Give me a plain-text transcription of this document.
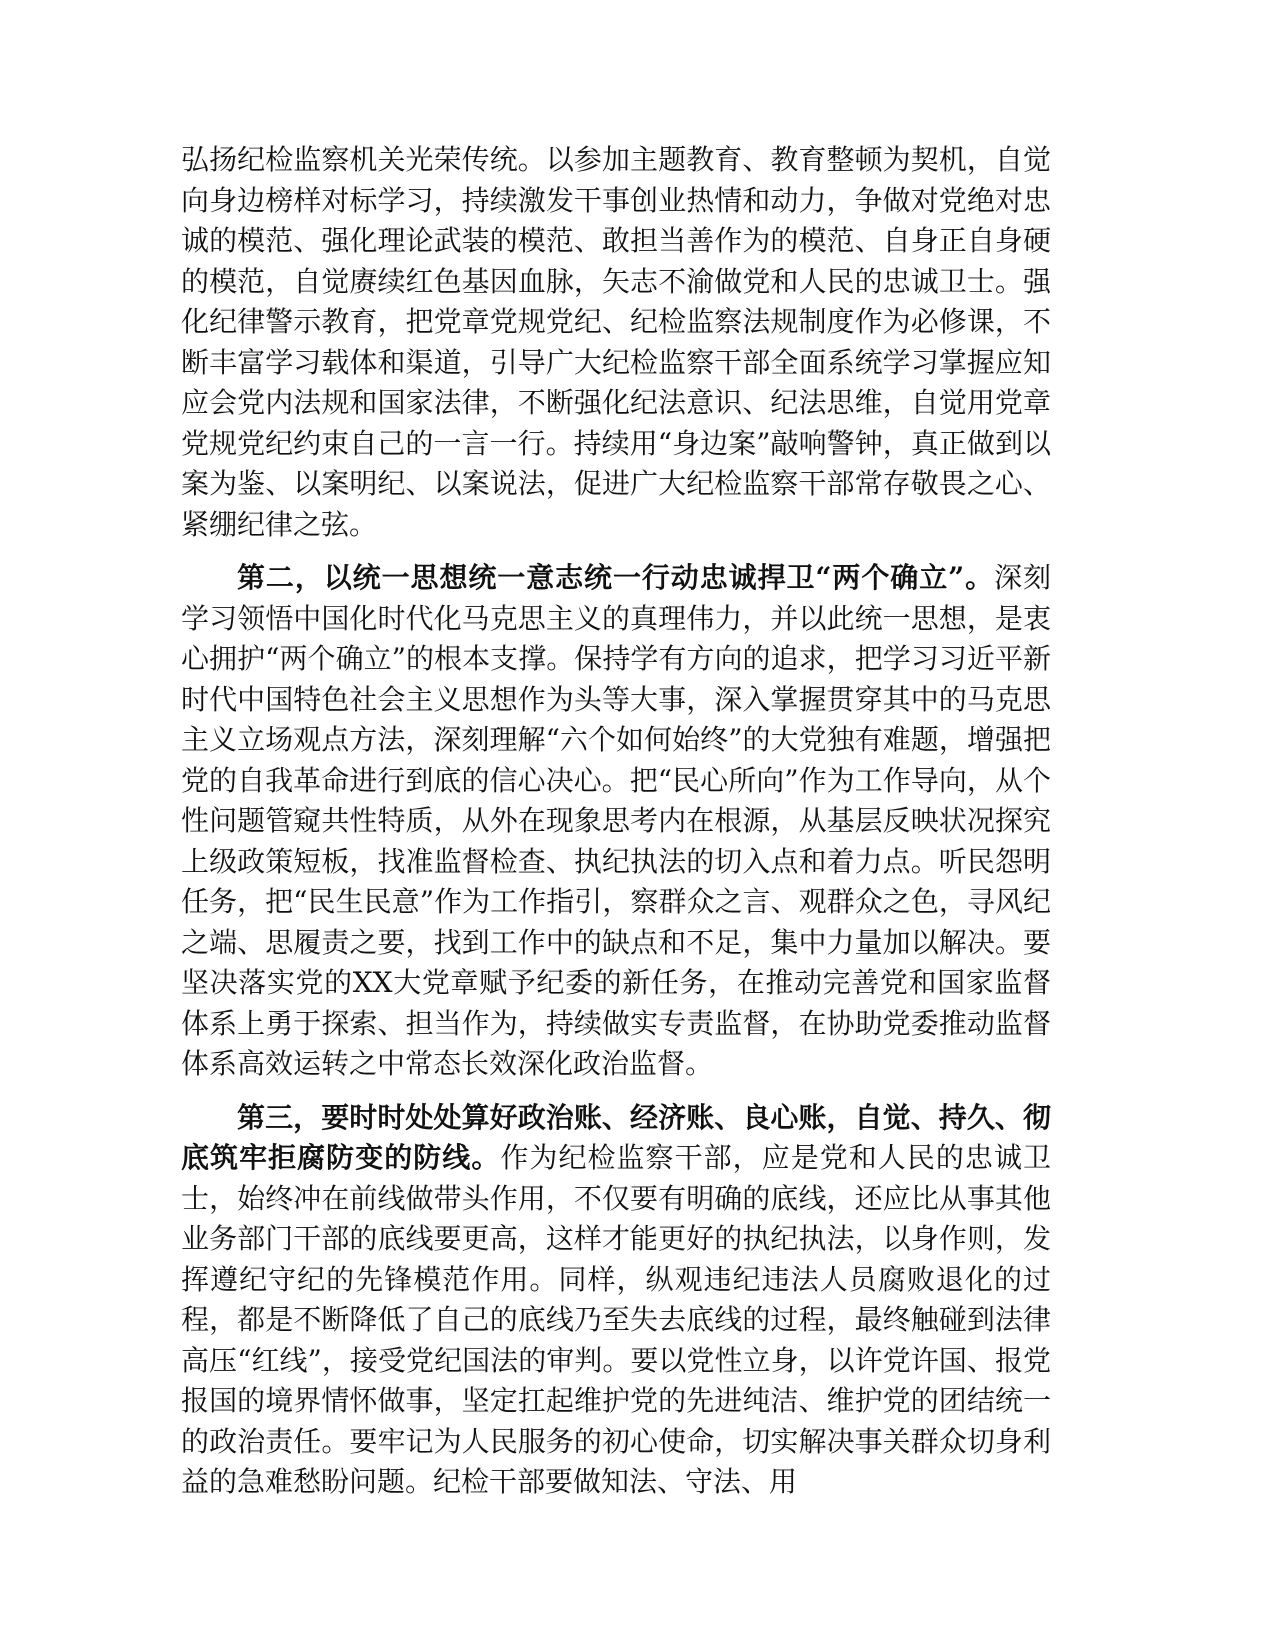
弘扬纪检监察机关光荣传统。以参加主题教育、教育整顿为契机，自觉向身边榜样对标学习，持续激发干事创业热情和动力，争做对党绝对忠诚的模范、强化理论武装的模范、敢担当善作为的模范、自身正自身硬的模范，自觉赓续红色基因血脉，矢志不渝做党和人民的忠诚卫士。强化纪律警示教育，把党章党规党纪、纪检监察法规制度作为必修课，不断丰富学习载体和渠道，引导广大纪检监察干部全面系统学习掌握应知应会党内法规和国家法律，不断强化纪法意识、纪法思维，自觉用党章党规党纪约束自己的一言一行。持续用“身边案”敲响警钟，真正做到以案为鉴、以案明纪、以案说法，促进广大纪检监察干部常存敬畏之心、紧绷纪律之弦。

第二，以统一思想统一意志统一行动忠诚捍卫“两个确立”。深刻学习领悟中国化时代化马克思主义的真理伟力，并以此统一思想，是衷心拥护“两个确立”的根本支撑。保持学有方向的追求，把学习习近平新时代中国特色社会主义思想作为头等大事，深入掌握贯穿其中的马克思主义立场观点方法，深刻理解“六个如何始终”的大党独有难题，增强把党的自我革命进行到底的信心决心。把“民心所向”作为工作导向，从个性问题管窥共性特质，从外在现象思考内在根源，从基层反映状况探究上级政策短板，找准监督检查、执纪执法的切入点和着力点。听民怨明任务，把“民生民意”作为工作指引，察群众之言、观群众之色，寻风纪之端、思履责之要，找到工作中的缺点和不足，集中力量加以解决。要坚决落实党的XX大党章赋予纪委的新任务，在推动完善党和国家监督体系上勇于探索、担当作为，持续做实专责监督，在协助党委推动监督体系高效运转之中常态长效深化政治监督。

第三，要时时处处算好政治账、经济账、良心账，自觉、持久、彻底筑牢拒腐防变的防线。作为纪检监察干部，应是党和人民的忠诚卫士，始终冲在前线做带头作用，不仅要有明确的底线，还应比从事其他业务部门干部的底线要更高，这样才能更好的执纪执法，以身作则，发挥遵纪守纪的先锋模范作用。同样，纵观违纪违法人员腐败退化的过程，都是不断降低了自己的底线乃至失去底线的过程，最终触碰到法律高压“红线”，接受党纪国法的审判。要以党性立身，以许党许国、报党报国的境界情怀做事，坚定扛起维护党的先进纯洁、维护党的团结统一的政治责任。要牢记为人民服务的初心使命，切实解决事关群众切身利益的急难愁盼问题。纪检干部要做知法、守法、用
